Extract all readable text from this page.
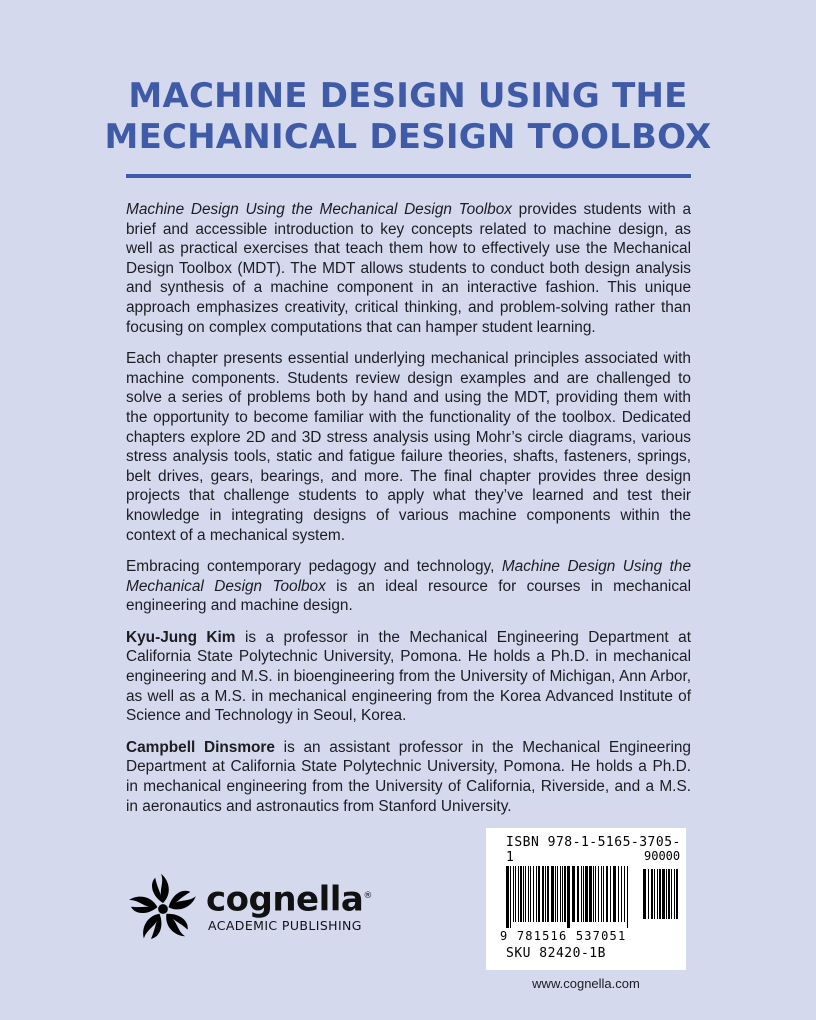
MACHINE DESIGN USING THE
MECHANICAL DESIGN TOOLBOX

Machine Design Using the Mechanical Design Toolbox provides students with a brief and accessible introduction to key concepts related to machine design, as well as practical exercises that teach them how to effectively use the Mechanical Design Toolbox (MDT). The MDT allows students to conduct both design analysis and synthesis of a machine component in an interactive fashion. This unique approach emphasizes creativity, critical thinking, and problem-solving rather than focusing on complex computations that can hamper student learning.

Each chapter presents essential underlying mechanical principles associated with machine components. Students review design examples and are challenged to solve a series of problems both by hand and using the MDT, providing them with the opportunity to become familiar with the functionality of the toolbox. Dedicated chapters explore 2D and 3D stress analysis using Mohr’s circle diagrams, various stress analysis tools, static and fatigue failure theories, shafts, fasteners, springs, belt drives, gears, bearings, and more. The final chapter provides three design projects that challenge students to apply what they’ve learned and test their knowledge in integrating designs of various machine components within the context of a mechanical system.

Embracing contemporary pedagogy and technology, Machine Design Using the Mechanical Design Toolbox is an ideal resource for courses in mechanical engineering and machine design.

Kyu-Jung Kim is a professor in the Mechanical Engineering Department at California State Polytechnic University, Pomona. He holds a Ph.D. in mechanical engineering and M.S. in bioengineering from the University of Michigan, Ann Arbor, as well as a M.S. in mechanical engineering from the Korea Advanced Institute of Science and Technology in Seoul, Korea.

Campbell Dinsmore is an assistant professor in the Mechanical Engineering Department at California State Polytechnic University, Pomona. He holds a Ph.D. in mechanical engineering from the University of California, Riverside, and a M.S. in aeronautics and astronautics from Stanford University.

cognella®
ACADEMIC PUBLISHING
ISBN 978-1-5165-3705-1	90000
9 781516 537051
SKU 82420-1B
www.cognella.com
